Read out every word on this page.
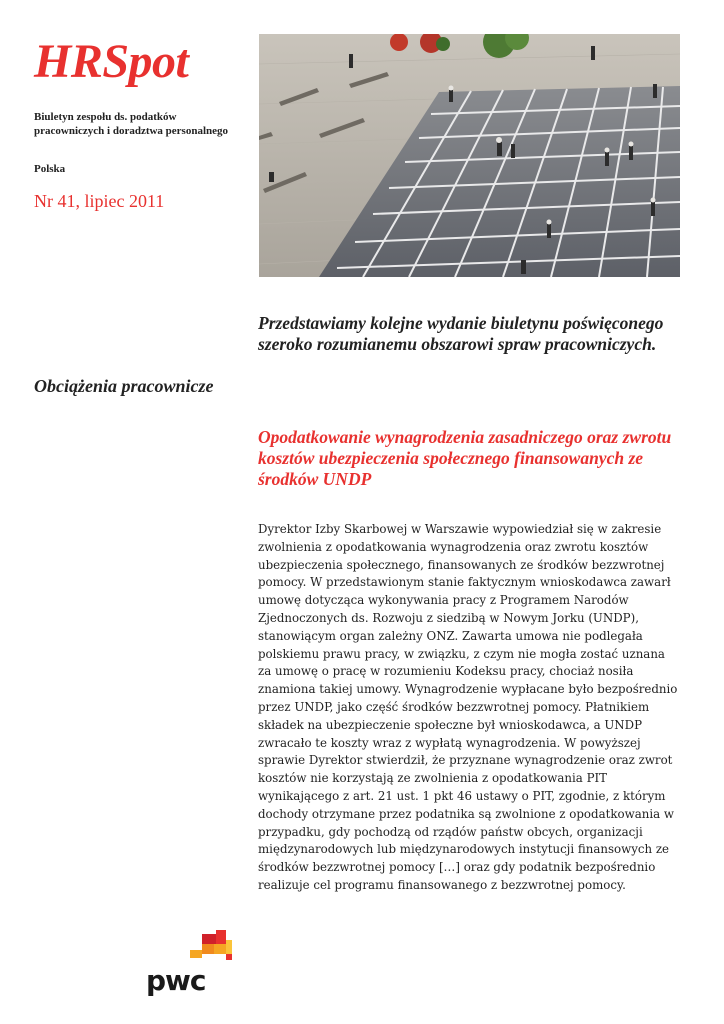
HRSpot
Biuletyn zespołu ds. podatków pracowniczych i doradztwa personalnego
Polska
Nr 41, lipiec 2011

Przedstawiamy kolejne wydanie biuletynu poświęconego szeroko rozumianemu obszarowi spraw pracowniczych.

Obciążenia pracownicze
Opodatkowanie wynagrodzenia zasadniczego oraz zwrotu kosztów ubezpieczenia społecznego finansowanych ze środków UNDP

Dyrektor Izby Skarbowej w Warszawie wypowiedział się w zakresie zwolnienia z opodatkowania wynagrodzenia oraz zwrotu kosztów ubezpieczenia społecznego, finansowanych ze środków bezzwrotnej pomocy. W przedstawionym stanie faktycznym wnioskodawca zawarł umowę dotycząca wykonywania pracy z Programem Narodów Zjednoczonych ds. Rozwoju z siedzibą w Nowym Jorku (UNDP), stanowiącym organ zależny ONZ. Zawarta umowa nie podlegała polskiemu prawu pracy, w związku, z czym nie mogła zostać uznana za umowę o pracę w rozumieniu Kodeksu pracy, chociaż nosiła znamiona takiej umowy. Wynagrodzenie wypłacane było bezpośrednio przez UNDP, jako część środków bezzwrotnej pomocy. Płatnikiem składek na ubezpieczenie społeczne był wnioskodawca, a UNDP zwracało te koszty wraz z wypłatą wynagrodzenia. W powyższej sprawie Dyrektor stwierdził, że przyznane wynagrodzenie oraz zwrot kosztów nie korzystają ze zwolnienia z opodatkowania PIT wynikającego z art. 21 ust. 1 pkt 46 ustawy o PIT, zgodnie, z którym dochody otrzymane przez podatnika są zwolnione z opodatkowania w przypadku, gdy pochodzą od rządów państw obcych, organizacji międzynarodowych lub międzynarodowych instytucji finansowych ze środków bezzwrotnej pomocy […] oraz gdy podatnik bezpośrednio realizuje cel programu finansowanego z bezzwrotnej pomocy.

pwc
